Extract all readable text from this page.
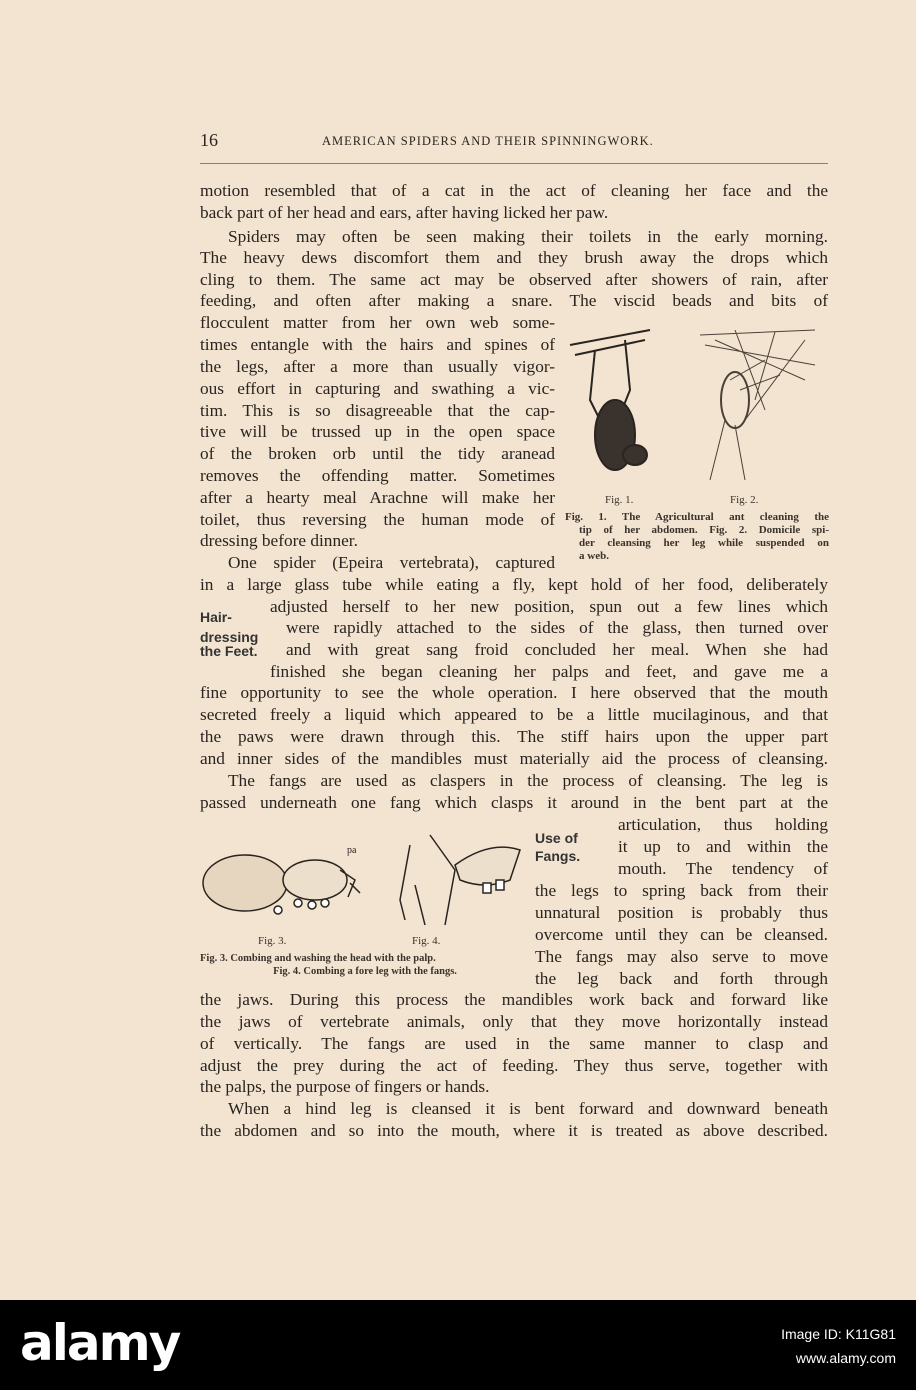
16	AMERICAN SPIDERS AND THEIR SPINNINGWORK.
motion resembled that of a cat in the act of cleaning her face and the
back part of her head and ears, after having licked her paw.
Spiders may often be seen making their toilets in the early morning.
The heavy dews discomfort them and they brush away the drops which
cling to them. The same act may be observed after showers of rain, after
feeding, and often after making a snare. The viscid beads and bits of
flocculent matter from her own web some-
times entangle with the hairs and spines of
the legs, after a more than usually vigor-
ous effort in capturing and swathing a vic-
tim. This is so disagreeable that the cap-
tive will be trussed up in the open space
of the broken orb until the tidy aranead
removes the offending matter. Sometimes
after a hearty meal Arachne will make her
toilet, thus reversing the human mode of
dressing before dinner.
One spider (Epeira vertebrata), captured
in a large glass tube while eating a fly, kept hold of her food, deliberately
adjusted herself to her new position, spun out a few lines which
were rapidly attached to the sides of the glass, then turned over
and with great sang froid concluded her meal. When she had
finished she began cleaning her palps and feet, and gave me a
fine opportunity to see the whole operation. I here observed that the mouth
secreted freely a liquid which appeared to be a little mucilaginous, and that
the paws were drawn through this. The stiff hairs upon the upper part
and inner sides of the mandibles must materially aid the process of cleansing.
The fangs are used as claspers in the process of cleansing. The leg is
passed underneath one fang which clasps it around in the bent part at the
articulation, thus holding
it up to and within the
mouth. The tendency of
the legs to spring back from their
unnatural position is probably thus
overcome until they can be cleansed.
The fangs may also serve to move
the leg back and forth through
the jaws. During this process the mandibles work back and forward like
the jaws of vertebrate animals, only that they move horizontally instead
of vertically. The fangs are used in the same manner to clasp and
adjust the prey during the act of feeding. They thus serve, together with
the palps, the purpose of fingers or hands.
When a hind leg is cleansed it is bent forward and downward beneath
the abdomen and so into the mouth, where it is treated as above described.
Hair-
dressing
the Feet.
Use of
Fangs.
Fig. 1.	Fig. 2.
Fig. 1. The Agricultural ant cleaning the
tip of her abdomen. Fig. 2. Domicile spi-
der cleansing her leg while suspended on
a web.
pa
Fig. 3.	Fig. 4.
Fig. 3. Combing and washing the head with the palp.
Fig. 4. Combing a fore leg with the fangs.
alamy	Image ID: K11G81
www.alamy.com
